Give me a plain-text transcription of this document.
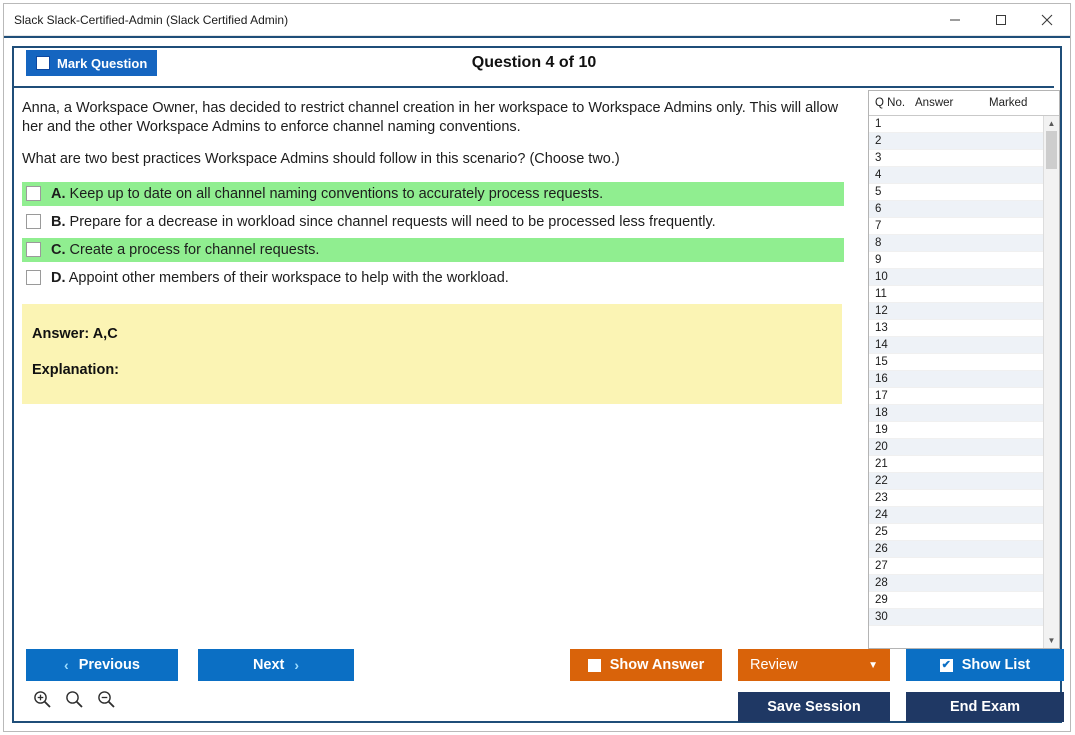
Slack Slack-Certified-Admin (Slack Certified Admin)
Question 4 of 10
Mark Question

Anna, a Workspace Owner, has decided to restrict channel creation in her workspace to Workspace Admins only. This will allow her and the other Workspace Admins to enforce channel naming conventions.

What are two best practices Workspace Admins should follow in this scenario? (Choose two.)

A. Keep up to date on all channel naming conventions to accurately process requests.
B. Prepare for a decrease in workload since channel requests will need to be processed less frequently.
C. Create a process for channel requests.
D. Appoint other members of their workspace to help with the workload.
Answer: A,C
Explanation:
Q No. Answer	Marked
1
2
3
4
5
6
7
8
9
10
11
12
13
14
15
16
17
18
19
20
21
22
23
24
25
26
27
28
29
30
▲
▼
‹ Previous	Next ›	Show Answer	Review	▼	✔ Show List
Save Session	End Exam
